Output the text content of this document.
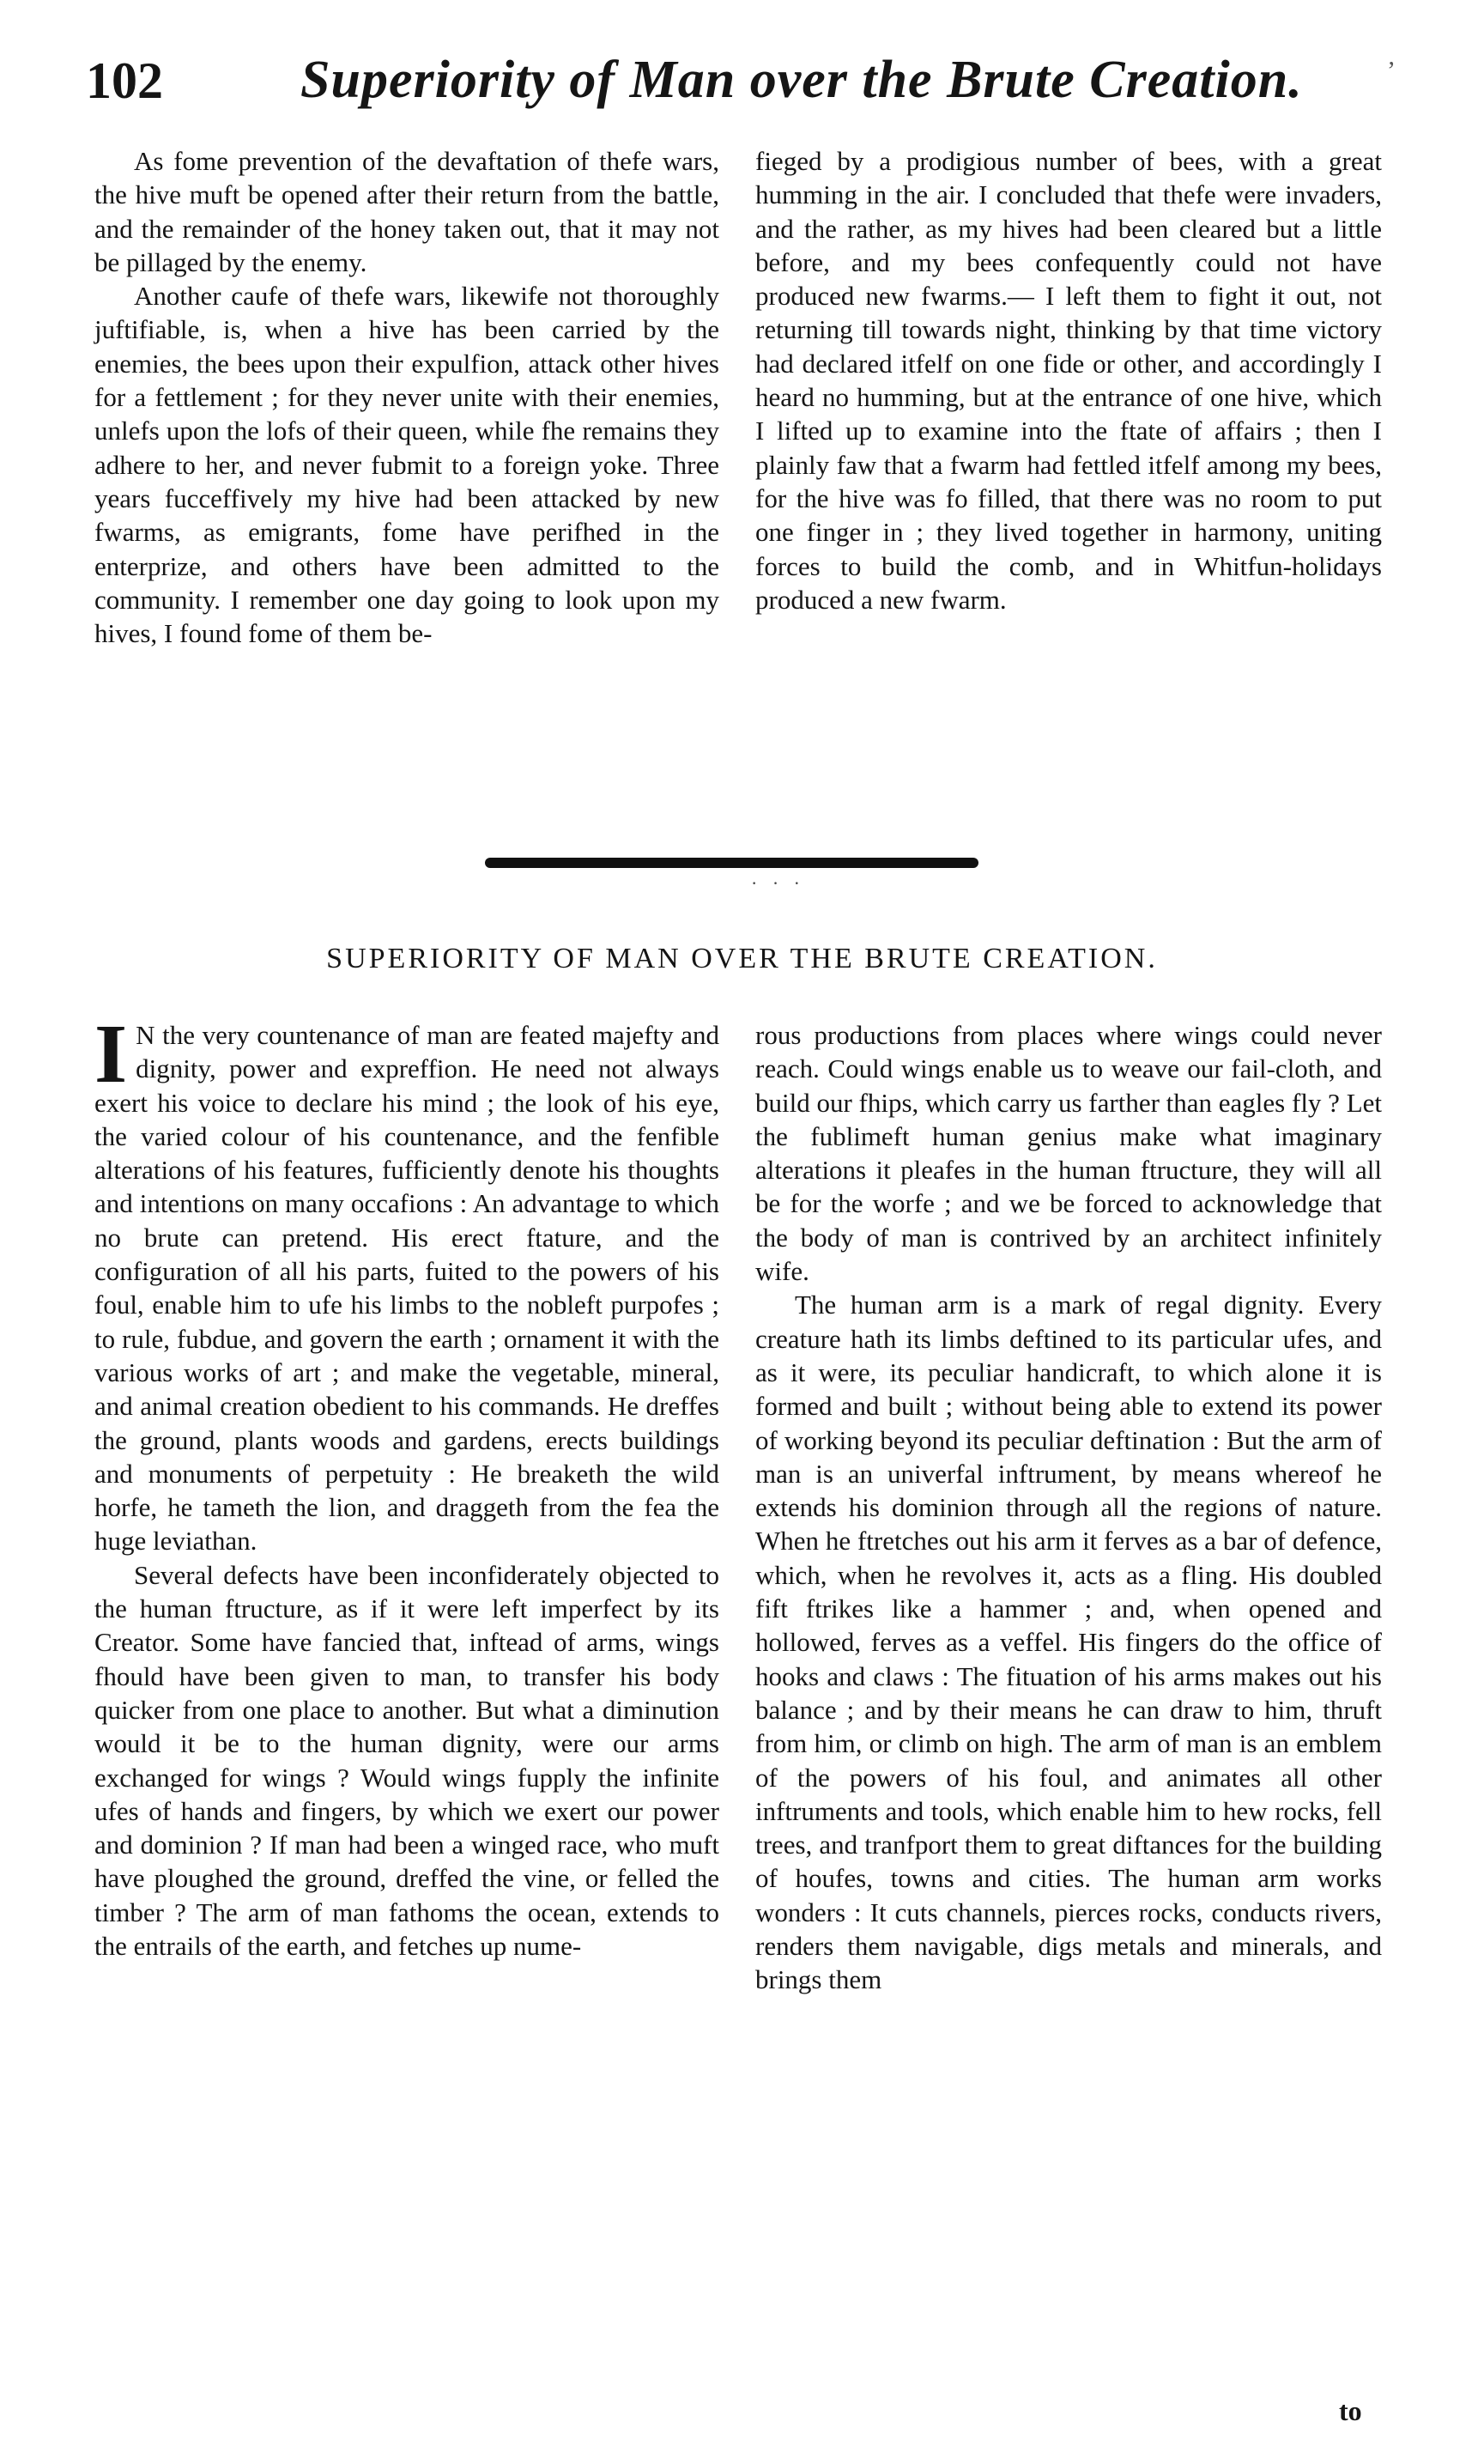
102	Superiority of Man over the Brute Creation.	ʼ

As fome prevention of the devaftation of thefe wars, the hive muft be opened after their return from the battle, and the remainder of the honey taken out, that it may not be pillaged by the enemy.

Another caufe of thefe wars, likewife not thoroughly juftifiable, is, when a hive has been carried by the enemies, the bees upon their expulfion, attack other hives for a fettlement ; for they never unite with their enemies, unlefs upon the lofs of their queen, while fhe remains they adhere to her, and never fubmit to a foreign yoke. Three years fucceffively my hive had been attacked by new fwarms, as emigrants, fome have perifhed in the enterprize, and others have been admitted to the community. I remember one day going to look upon my hives, I found fome of them be-

fieged by a prodigious number of bees, with a great humming in the air. I concluded that thefe were invaders, and the rather, as my hives had been cleared but a little before, and my bees confequently could not have produced new fwarms.— I left them to fight it out, not returning till towards night, thinking by that time victory had declared itfelf on one fide or other, and accordingly I heard no humming, but at the entrance of one hive, which I lifted up to examine into the ftate of affairs ; then I plainly faw that a fwarm had fettled itfelf among my bees, for the hive was fo filled, that there was no room to put one finger in ; they lived together in harmony, uniting forces to build the comb, and in Whitfun-holidays produced a new fwarm.

· · ·
SUPERIORITY OF MAN OVER THE BRUTE CREATION.

I N the very countenance of man are feated majefty and dignity, power and expreffion. He need not always exert his voice to declare his mind ; the look of his eye, the varied colour of his countenance, and the fenfible alterations of his features, fufficiently denote his thoughts and intentions on many occafions : An advantage to which no brute can pretend. His erect ftature, and the configuration of all his parts, fuited to the powers of his foul, enable him to ufe his limbs to the nobleft purpofes ; to rule, fubdue, and govern the earth ; ornament it with the various works of art ; and make the vegetable, mineral, and animal creation obedient to his commands. He dreffes the ground, plants woods and gardens, erects buildings and monuments of perpetuity : He breaketh the wild horfe, he tameth the lion, and draggeth from the fea the huge leviathan.

Several defects have been inconfiderately objected to the human ftructure, as if it were left imperfect by its Creator. Some have fancied that, inftead of arms, wings fhould have been given to man, to transfer his body quicker from one place to another. But what a diminution would it be to the human dignity, were our arms exchanged for wings ? Would wings fupply the infinite ufes of hands and fingers, by which we exert our power and dominion ? If man had been a winged race, who muft have ploughed the ground, dreffed the vine, or felled the timber ? The arm of man fathoms the ocean, extends to the entrails of the earth, and fetches up nume-

rous productions from places where wings could never reach. Could wings enable us to weave our fail-cloth, and build our fhips, which carry us farther than eagles fly ? Let the fublimeft human genius make what imaginary alterations it pleafes in the human ftructure, they will all be for the worfe ; and we be forced to acknowledge that the body of man is contrived by an architect infinitely wife.

The human arm is a mark of regal dignity. Every creature hath its limbs deftined to its particular ufes, and as it were, its peculiar handicraft, to which alone it is formed and built ; without being able to extend its power of working beyond its peculiar deftination : But the arm of man is an univerfal inftrument, by means whereof he extends his dominion through all the regions of nature. When he ftretches out his arm it ferves as a bar of defence, which, when he revolves it, acts as a fling. His doubled fift ftrikes like a hammer ; and, when opened and hollowed, ferves as a veffel. His fingers do the office of hooks and claws : The fituation of his arms makes out his balance ; and by their means he can draw to him, thruft from him, or climb on high. The arm of man is an emblem of the powers of his foul, and animates all other inftruments and tools, which enable him to hew rocks, fell trees, and tranfport them to great diftances for the building of houfes, towns and cities. The human arm works wonders : It cuts channels, pierces rocks, conducts rivers, renders them navigable, digs metals and minerals, and brings them

to
